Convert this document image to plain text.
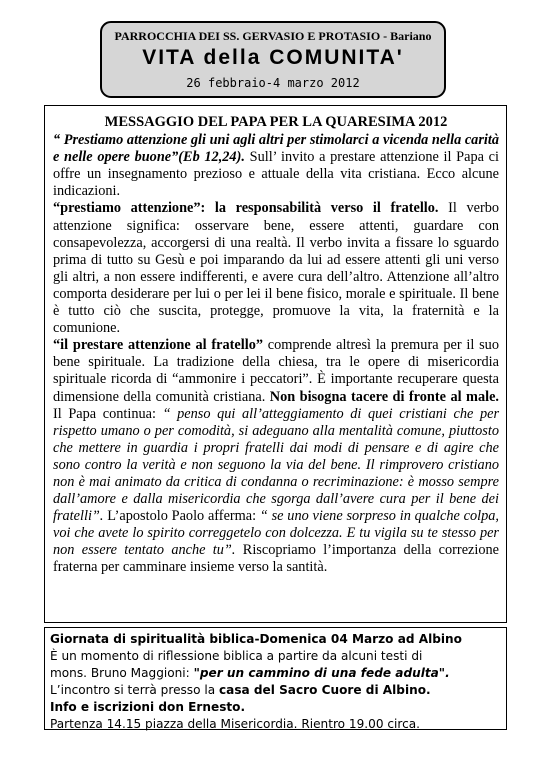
PARROCCHIA DEI SS. GERVASIO E PROTASIO - Bariano
VITA della COMUNITA'
26 febbraio-4 marzo 2012
MESSAGGIO DEL PAPA PER LA QUARESIMA 2012

“ Prestiamo attenzione gli uni agli altri per stimolarci a vicenda nella carità e nelle opere buone”(Eb 12,24). Sull’ invito a prestare attenzione il Papa ci offre un insegnamento prezioso e attuale della vita cristiana. Ecco alcune indicazioni.

“prestiamo attenzione”: la responsabilità verso il fratello. Il verbo attenzione significa: osservare bene, essere attenti, guardare con consapevolezza, accorgersi di una realtà. Il verbo invita a fissare lo sguardo prima di tutto su Gesù e poi imparando da lui ad essere attenti gli uni verso gli altri, a non essere indifferenti, e avere cura dell’altro. Attenzione all’altro comporta desiderare per lui o per lei il bene fisico, morale e spirituale. Il bene è tutto ciò che suscita, protegge, promuove la vita, la fraternità e la comunione.

“il prestare attenzione al fratello” comprende altresì la premura per il suo bene spirituale. La tradizione della chiesa, tra le opere di misericordia spirituale ricorda di “ammonire i peccatori”. È importante recuperare questa dimensione della comunità cristiana. Non bisogna tacere di fronte al male. Il Papa continua: “ penso qui all’atteggiamento di quei cristiani che per rispetto umano o per comodità, si adeguano alla mentalità comune, piuttosto che mettere in guardia i propri fratelli dai modi di pensare e di agire che sono contro la verità e non seguono la via del bene. Il rimprovero cristiano non è mai animato da critica di condanna o recriminazione: è mosso sempre dall’amore e dalla misericordia che sgorga dall’avere cura per il bene dei fratelli”. L’apostolo Paolo afferma: “ se uno viene sorpreso in qualche colpa, voi che avete lo spirito correggetelo con dolcezza. E tu vigila su te stesso per non essere tentato anche tu”. Riscopriamo l’importanza della correzione fraterna per camminare insieme verso la santità.

Giornata di spiritualità biblica-Domenica 04 Marzo ad Albino

È un momento di riflessione biblica a partire da alcuni testi di

mons. Bruno Maggioni: "per un cammino di una fede adulta".

L’incontro si terrà presso la casa del Sacro Cuore di Albino.

Info e iscrizioni don Ernesto.

Partenza 14.15 piazza della Misericordia. Rientro 19.00 circa.
